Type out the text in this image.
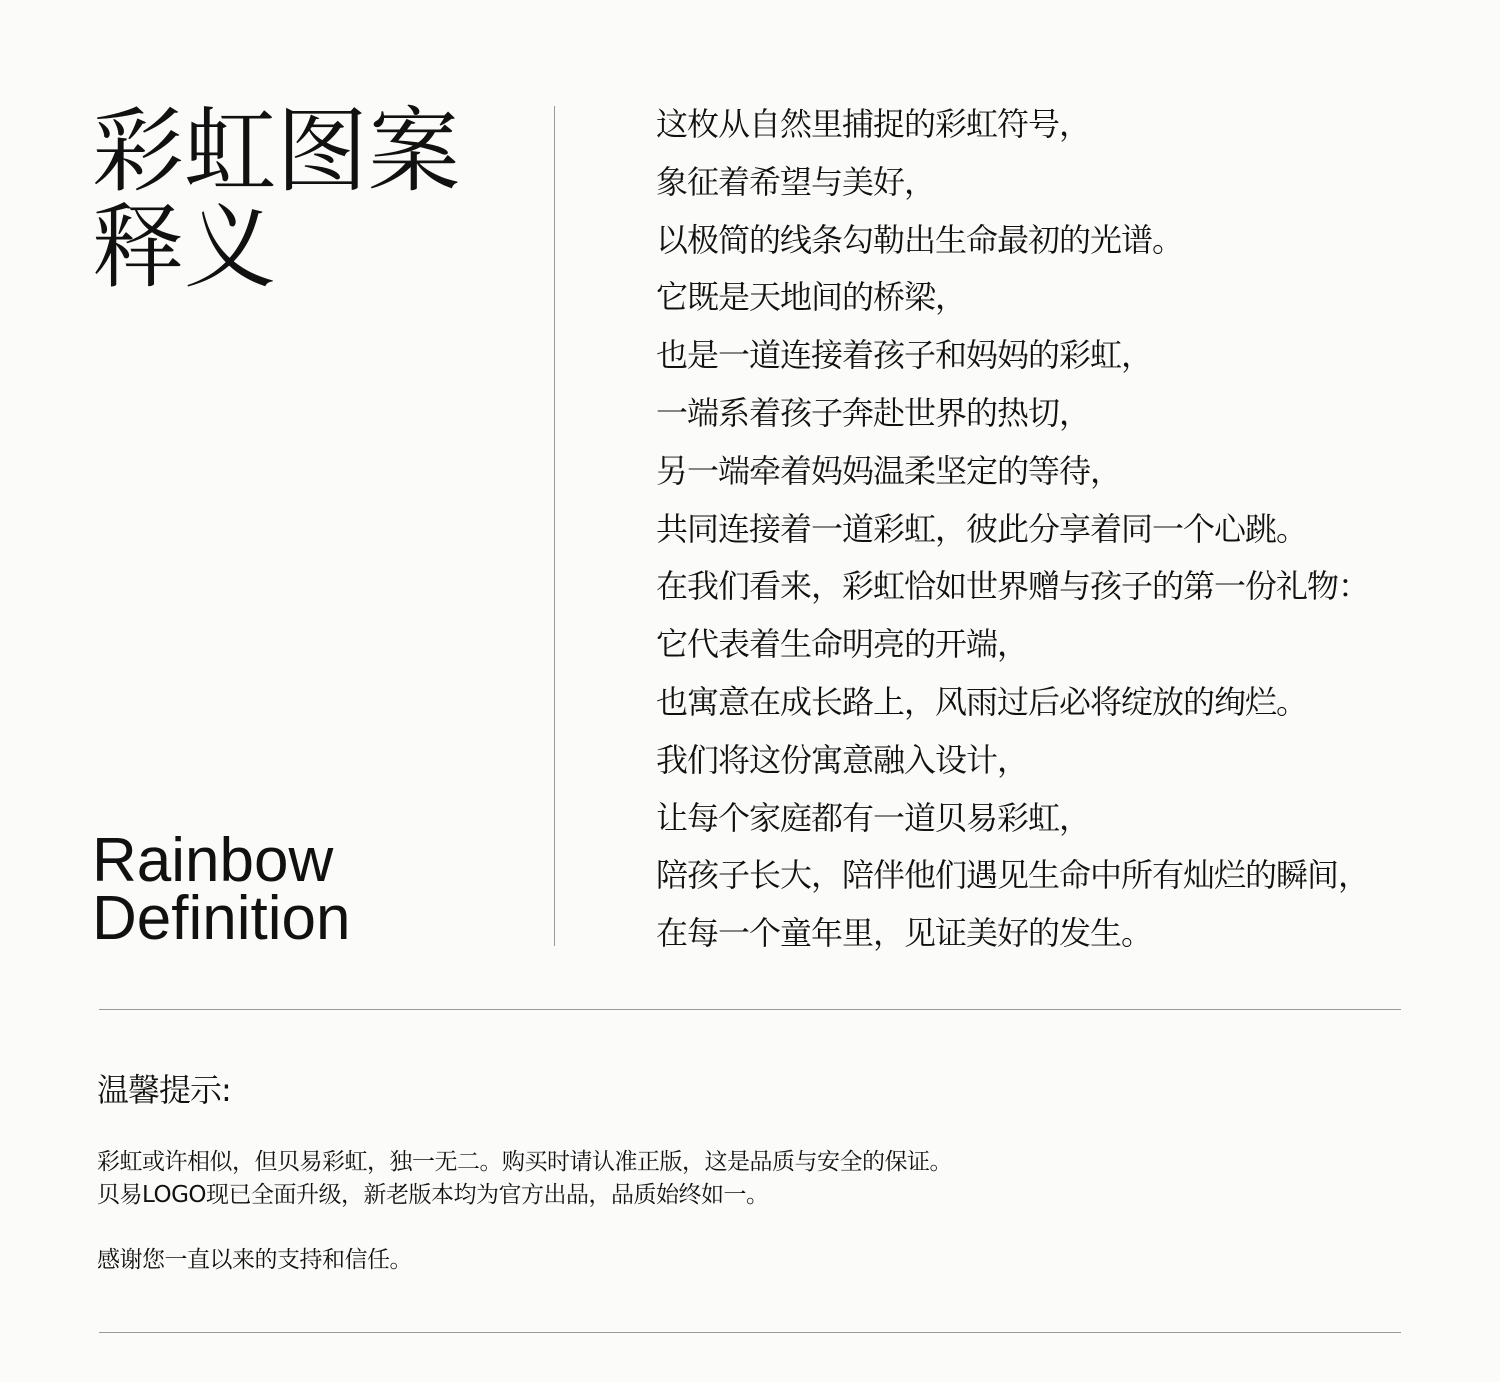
彩虹图案
释义
Rainbow
Definition
这枚从自然里捕捉的彩虹符号，
象征着希望与美好，
以极简的线条勾勒出生命最初的光谱。
它既是天地间的桥梁，
也是一道连接着孩子和妈妈的彩虹，
一端系着孩子奔赴世界的热切，
另一端牵着妈妈温柔坚定的等待，
共同连接着一道彩虹，彼此分享着同一个心跳。
在我们看来，彩虹恰如世界赠与孩子的第一份礼物：
它代表着生命明亮的开端，
也寓意在成长路上，风雨过后必将绽放的绚烂。
我们将这份寓意融入设计，
让每个家庭都有一道贝易彩虹，
陪孩子长大，陪伴他们遇见生命中所有灿烂的瞬间，
在每一个童年里，见证美好的发生。
温馨提示:
彩虹或许相似，但贝易彩虹，独一无二。购买时请认准正版，这是品质与安全的保证。
贝易LOGO现已全面升级，新老版本均为官方出品，品质始终如一。
感谢您一直以来的支持和信任。
